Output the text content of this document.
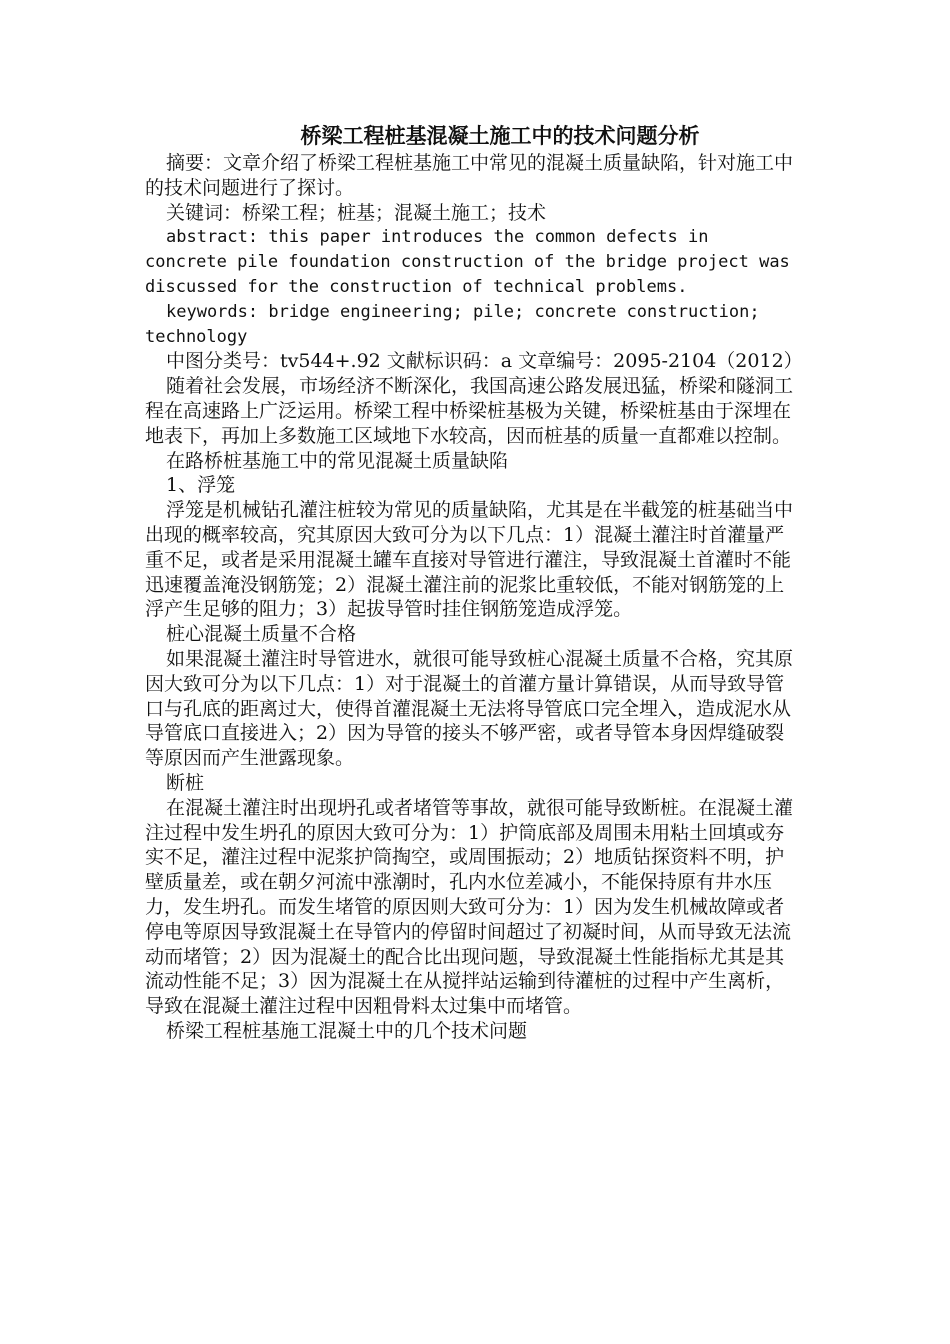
桥梁工程桩基混凝土施工中的技术问题分析

摘要：文章介绍了桥梁工程桩基施工中常见的混凝土质量缺陷，针对施工中的技术问题进行了探讨。

关键词：桥梁工程；桩基；混凝土施工；技术

abstract: this paper introduces the common defects in concrete pile foundation construction of the bridge project was discussed for the construction of technical problems.

keywords: bridge engineering; pile; concrete construction; technology

中图分类号：tv544+.92 文献标识码：a 文章编号：2095-2104（2012）

随着社会发展，市场经济不断深化，我国高速公路发展迅猛，桥梁和隧洞工程在高速路上广泛运用。桥梁工程中桥梁桩基极为关键，桥梁桩基由于深埋在地表下，再加上多数施工区域地下水较高，因而桩基的质量一直都难以控制。

在路桥桩基施工中的常见混凝土质量缺陷

1、浮笼

浮笼是机械钻孔灌注桩较为常见的质量缺陷，尤其是在半截笼的桩基础当中出现的概率较高，究其原因大致可分为以下几点：1）混凝土灌注时首灌量严重不足，或者是采用混凝土罐车直接对导管进行灌注，导致混凝土首灌时不能迅速覆盖淹没钢筋笼；2）混凝土灌注前的泥浆比重较低，不能对钢筋笼的上浮产生足够的阻力；3）起拔导管时挂住钢筋笼造成浮笼。

桩心混凝土质量不合格

如果混凝土灌注时导管进水，就很可能导致桩心混凝土质量不合格，究其原因大致可分为以下几点：1）对于混凝土的首灌方量计算错误，从而导致导管口与孔底的距离过大，使得首灌混凝土无法将导管底口完全埋入，造成泥水从导管底口直接进入；2）因为导管的接头不够严密，或者导管本身因焊缝破裂等原因而产生泄露现象。

断桩

在混凝土灌注时出现坍孔或者堵管等事故，就很可能导致断桩。在混凝土灌注过程中发生坍孔的原因大致可分为：1）护筒底部及周围未用粘土回填或夯实不足，灌注过程中泥浆护筒掏空，或周围振动；2）地质钻探资料不明，护壁质量差，或在朝夕河流中涨潮时，孔内水位差减小，不能保持原有井水压力，发生坍孔。而发生堵管的原因则大致可分为：1）因为发生机械故障或者停电等原因导致混凝土在导管内的停留时间超过了初凝时间，从而导致无法流动而堵管；2）因为混凝土的配合比出现问题，导致混凝土性能指标尤其是其流动性能不足；3）因为混凝土在从搅拌站运输到待灌桩的过程中产生离析，导致在混凝土灌注过程中因粗骨料太过集中而堵管。

桥梁工程桩基施工混凝土中的几个技术问题
